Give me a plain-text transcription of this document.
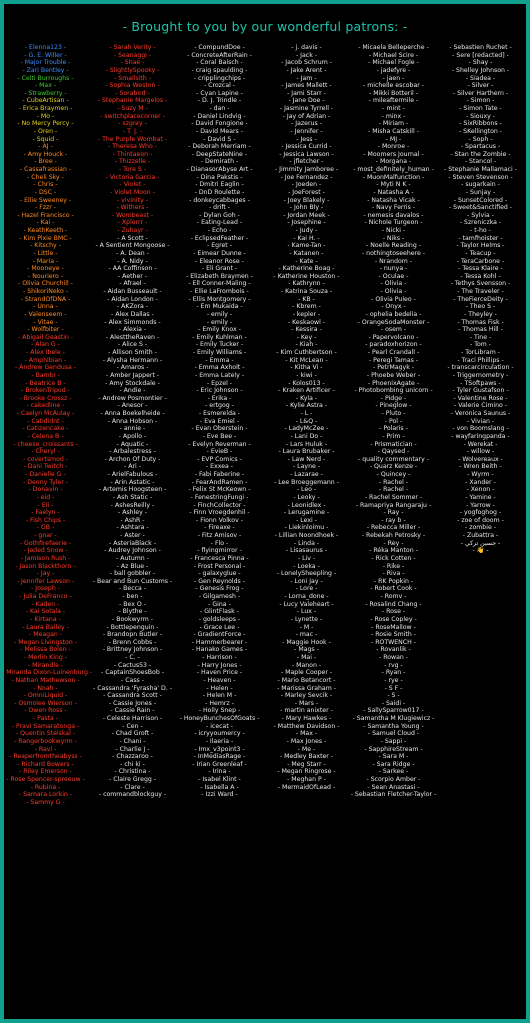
- Brought to you by our wonderful patrons: -
- Elenna123 -
- G. E. Willer -
- Major Trouble -
- Zari Bentley -
- Celti Burroughs -
- Max -
- Strawberry -
- CubeArtisan -
- Erica Braymen -
- Mo -
- No Mercy Percy -
- Oren -
- Squid -
- AJ -
- Amy Houck -
- Bree -
- Cassafrassian -
- Cheli Sky -
- Chris -
- DSC -
- Ellie Sweeney -
- Fzzr -
- Hazel Francisco -
- Kai -
- KeathKeeth -
- Kim Pixie BMC -
- Kitschy -
- Little -
- Maria -
- Mooneye -
- Nouriero -
- Olivia Churchill -
- ShikoriNeko -
- StrandOfDNA -
- Unna -
- Valenseem -
- Vitae -
- Wolfbiter -
- Abigail Geastin -
- Alan G -
- Alex Ibele -
- Amphibian -
- Andrew Gendusa -
- Bambi -
- Beatrice B -
- BrokenTripod -
- Brooke Crossz -
- cakedline -
- Caelyn McAulay -
- Catididnt -
- Catizencake -
- Celena B -
- cheese_croissants -
- Cheryl -
- covertsmod -
- Dani Twitch -
- Danielle G -
- Denny Tyler -
- Donavin -
- eid -
- Eli -
- Faelyn -
- Fish Chips -
- GB -
- gnar -
- Gothfirefaerie -
- Jaded Snow -
- Jamison Rush -
- Jason Blackthorn -
- Jay -
- Jennifer Lawson -
- Joseph -
- Julia DeFranco -
- Kaden -
- Kai Sotala -
- Kirtana -
- Laura Bailey -
- Meagan -
- Megan Livingston -
- Melissa Bolen -
- Merlin King -
- Mirandle -
- Miranda Dixon-Luinenburg -
- Nathan Mathewson -
- Noah -
- OmniLiquid -
- Osmolee Wierson -
- Owen Ross -
- Pasta -
- Pravi Samaratonga -
- Quentin Steiskal -
- Rangerbookwyrm -
- Ravi -
- Reaperfromtheabyss -
- Richard Bowers -
- Riley Emerson -
- Rose Spencer-spreeuw -
- Rubina -
- Samara Lorkin -
- Sammy G -
- Sarah Verity -
- Seanaggi -
- Shae -
- SlightlySpooky -
- Smallsith -
- Sophia Weston -
- Sorabird -
- Stephanie Margelos -
- Suzy M -
- switchplacecorner -
- szgrey -
- T. J. -
- The Purple Wombat -
- Theresa Who -
- Thirdaeon -
- Thizzelle -
- Tore S -
- Victoria Garcia -
- Violet -
- Violet Moon -
- vivinity -
- Withers -
- Wombeast -
- Xplerrr -
- Zuhayr -
- A Scott -
- A Sentient Mongoose -
- A. Dean -
- A. Nidy -
- AA Coffinson -
- Aether -
- Afrael -
- Aidan Busseault -
- Aidan London -
- AKZora -
- Alex Dallas -
- Alex Simmonds -
- Alexia -
- AlesttheRaven -
- Alice S -
- Allison Smith -
- Alysha Hermann -
- Amaros -
- Amber Jappert -
- Amy Stockdale -
- Andie -
- Andrew Posmontier -
- Anesor -
- Anna Boekelheide -
- Anna Hobson -
- annie -
- Apollo -
- Aquatic -
- Arbalestress -
- Archon Of Duty -
- Ari -
- ArielFabulous -
- Arin Astatic -
- Artemis Hoogsteen -
- Ash Static -
- AshesReilly -
- Ashley -
- AshR -
- Ashtara -
- Aster -
- AsteriaBlack -
- Audrey Johnson -
- Autumn -
- Az Blue -
- ball gobbler -
- Bear and Bun Customs -
- Becca -
- ben -
- Bex O -
- Blythe -
- Bookwyrm -
- Bottlepenguin -
- Brandopn Butler -
- Brenn Cobbs -
- Brittney Johnson -
- C. -
- Cactus53 -
- CaptainShoesBob -
- Cass -
- Cassandra 'Fyrasha' D. -
- Cassandra Scott -
- Cassie Jones -
- Cassie Rain -
- Celeste Harrison -
- Cen -
- Chad Groft -
- Chani -
- Charlie J -
- Chazzaroo -
- chi ki -
- Christina -
- Claire Gregg -
- Clare -
- commandblockguy -
- CompundDoe -
- ConcreteAfterRain -
- Coral Baisch -
- craig spaulding -
- cripplingchips -
- Crozcal -
- Cyan Lapine -
- D. J. Trindle -
- dan -
- Daniel Lindvig -
- David Fongione -
- David Mears -
- David S -
- Deborah Merriam -
- DeepStateNine -
- Demirath -
- DianasorAbyse Art -
- Dina Pakstis -
- Dmitri Eaglin -
- DnD Roulette -
- donkeycabbages -
- drift -
- Dylan Goh -
- Eating-Lead -
- Echo -
- EclipsedFeather -
- Egret -
- Eimear Dunne -
- Eleanor Rose -
- Eli Grant -
- Elizabeth Braymen -
- Ell Conner-Maling -
- Ellie LaFrombois -
- Ellis Montgomery -
- Em Mukaida -
- emily -
- emily -
- Emily Knox -
- Emily Kuhlman -
- Emily Tucker -
- Emily Williams -
- Emma -
- Emma Axholt -
- Emma Lately -
- Epzel -
- Eric Johnson -
- Erika -
- ertgog -
- Esmerelda -
- Eva Emiel -
- Evan Oberstein -
- Eve Bee -
- Evelyn Reverman -
- EvieB -
- EVP Comics -
- Exxea -
- Fabi Faberine -
- FearAndRamen -
- Felix St McKeown -
- FenestringFungi -
- FinchCollector -
- Finn Vroegdenhil -
- Fionn Volkov -
- Fireaxe -
- Fitz Amisov -
- Flo -
- flyingmirror -
- Francesca Pinna -
- Frost Personal -
- galaxyglue -
- Gen Reynolds -
- Genesis Frog -
- Gilgamesh -
- Gina -
- GlintFlask -
- goldsleeps -
- Grace Lee -
- GradientForce -
- Hammerbearer -
- Hanako Games -
- Harrison -
- Harry Jones -
- Haven Price -
- Heaven -
- Helen -
- Helen M -
- Hemrz -
- Holly Snep -
- HoneyBunchesOfGoats -
- icecat -
- icryyoumercy -
- Ilaeria -
- Imx_v3point3 -
- InMediasRage -
- Irian Greenleaf -
- Irina -
- Isabel Klint -
- Isabella A -
- Izzi Ward -
- j. davis -
- Jack -
- Jacob Schrum -
- Jake Arent -
- Jam -
- James Mallett -
- Jami Starr -
- Jane Doe -
- Jasmine Tyrrell -
- Jay of Adrian -
- Jazerus -
- Jennifer -
- Jess -
- Jessica Currid -
- Jessica Lawson -
- jfletcher -
- Jimmity Jamboree -
- Joe Fernandez -
- Joeden -
- JoeForest -
- Joey Blakely -
- John Bly -
- Jordan Meek -
- Josephine -
- Judy -
- Kai H. -
- Kame-Tan -
- Katanen -
- Kate -
- Katherine Boag -
- Katherine Houston -
- Kathrynn -
- Katrina Souza -
- KB -
- Kbrem -
- kepler -
- Keskaowl -
- Kessira -
- Key -
- Kiah -
- Kim Cuthbertson -
- Kit McLean -
- Kitha Vi -
- kiwi -
- Kolos013 -
- Kraken Artificer -
- Kyla -
- Kylie Astra -
- L -
- L&Q -
- LadyMcZee -
- Lani Do -
- Lars Huluk -
- Laura Brubaker -
- Law Nerd -
- Layne -
- Lazarae -
- Lee Broeggemann -
- Leo -
- Leoky -
- Leonidlex -
- Lerugamine -
- Lexi -
- Liekinloimu -
- Lillian Noondhoek -
- Linda -
- Lisasaurus -
- Liv -
- Loeka -
- LonelySheepling -
- Loni Jay -
- Lore -
- Lorna_done -
- Lucy Valeheart -
- Lux -
- Lynette -
- M -
- mac -
- Maggie Hook -
- Mags -
- Mai -
- Manon -
- Maple Cooper -
- Mario Betancort -
- Marissa Graham -
- Marley Sevcik -
- Mars -
- martin anixter -
- Mary Hawkes -
- Matthew Davidson -
- Max -
- Max Jones -
- Me -
- Medley Baxter -
- Meg Starr -
- Megan Ringrose -
- Meghan P -
- MermaidOfLead -
- Micaela Belleperche -
- Michael Scire -
- Michael Fogle -
- jadefyre -
- jaen -
- michelle escobar -
- Mikki Botteril -
- mileaftermile -
- mint -
- minx -
- Miriam -
- Misha Catskill -
- MJ -
- Monroe -
- Moomers Journal -
- Morgana -
- most_definitely_human -
- MuonMalfunction -
- Myti N K -
- Natasha A -
- Natasha Vicak -
- Navy Ferris -
- nemesis davalos -
- Nichole Turgeon -
- Nicki -
- Niks -
- Noelle Reading -
- nothingtoseehere -
- Nrandom -
- nunya -
- Oculae -
- Olivia -
- Olivia -
- Olivia Puleo -
- Onyx -
- ophelia bedelia -
- OrangeSodaMonster -
- osem -
- Papervolcano -
- paradoxhorizon -
- Pearl Crandall -
- Peregi Tamas -
- PetrMagyk -
- Phoebe Weber -
- PhoenixAgate -
- Photobombing unicorn -
- Pidge -
- Pineglow -
- Pluto -
- Pol -
- Polaris -
- Prim -
- Prismatician -
- Qaysed -
- quality commentary -
- Quarz Kenze -
- Quincey -
- Rachel -
- Rachel -
- Rachel Sommer -
- Ramapriya Rangaraju -
- Ray -
- ray b -
- Rebecca Miller -
- Rebekah Petrosky -
- Rey -
- Réka Manton -
- Rick Cotten -
- Rike -
- Riva -
- RK Popkin -
- Robert Cook -
- Romv -
- Rosalind Chang -
- Rose -
- Rose Copley -
- RoseMallow -
- Rosie Smith -
- ROTWENCH -
- Rovanlik -
- Rowan -
- rvg -
- Ryan -
- rye -
- S F -
- S -
- Saidi -
- SallySparrow017 -
- Samantha M Klugiewicz -
- Samantha Young -
- Samuel Cloud -
- Sappi -
- SapphireStream -
- Sara M -
- Sara Ridge -
- Sarkee -
- Scorpio Amber -
- Sean Anastasi -
- Sebastian Fletcher-Taylor -
- Sebastien Ruchet -
- Sere [redacted] -
- Shay -
- Shelley Johnson -
- Siadea -
- Silver -
- Silver Harthern -
- Simon -
- Simon Tate -
- Siouxy -
- SixRibbons -
- SKellington -
- Soph -
- Spartacus -
- Stan the Zombie -
- Stancol -
- Stephanie Mallamaci -
- Steven Stevenson -
- sugarkain -
- Sunjay -
- SunsetColored -
- Sweet&Sanctified -
- Sylvia -
- Szreniczka -
- t-ho -
- tamfhoister -
- Taylor Helms -
- Teacup -
- TeraCarbone -
- Tessa Klaire -
- Tessa Kohl -
- Tethys Svensson -
- The Traveler -
- TheFierceDeity -
- Theo S -
- Theyley -
- Thomas Fisk -
- Thomas Hill -
- Tine -
- Tom -
- TorLibram -
- Traci Phillips -
- transcarcirculation -
- Triggernometry -
- TSoftpaws -
- Tyler Gustafson -
- Valentine Rose -
- Valerie Cimino -
- Veronica Saunus -
- Vivian -
- von Boomslang -
- wayfaringpanda -
- Werekat -
- willow -
- Wolvereaux -
- Wren Beith -
- Wyrm -
- Xander -
- Xenon -
- Yamine -
- Yarrow -
- yogfoghog -
- zoe of doom -
- zombie -
- Zubattra -
- حسين تركي -
- 👋 -
